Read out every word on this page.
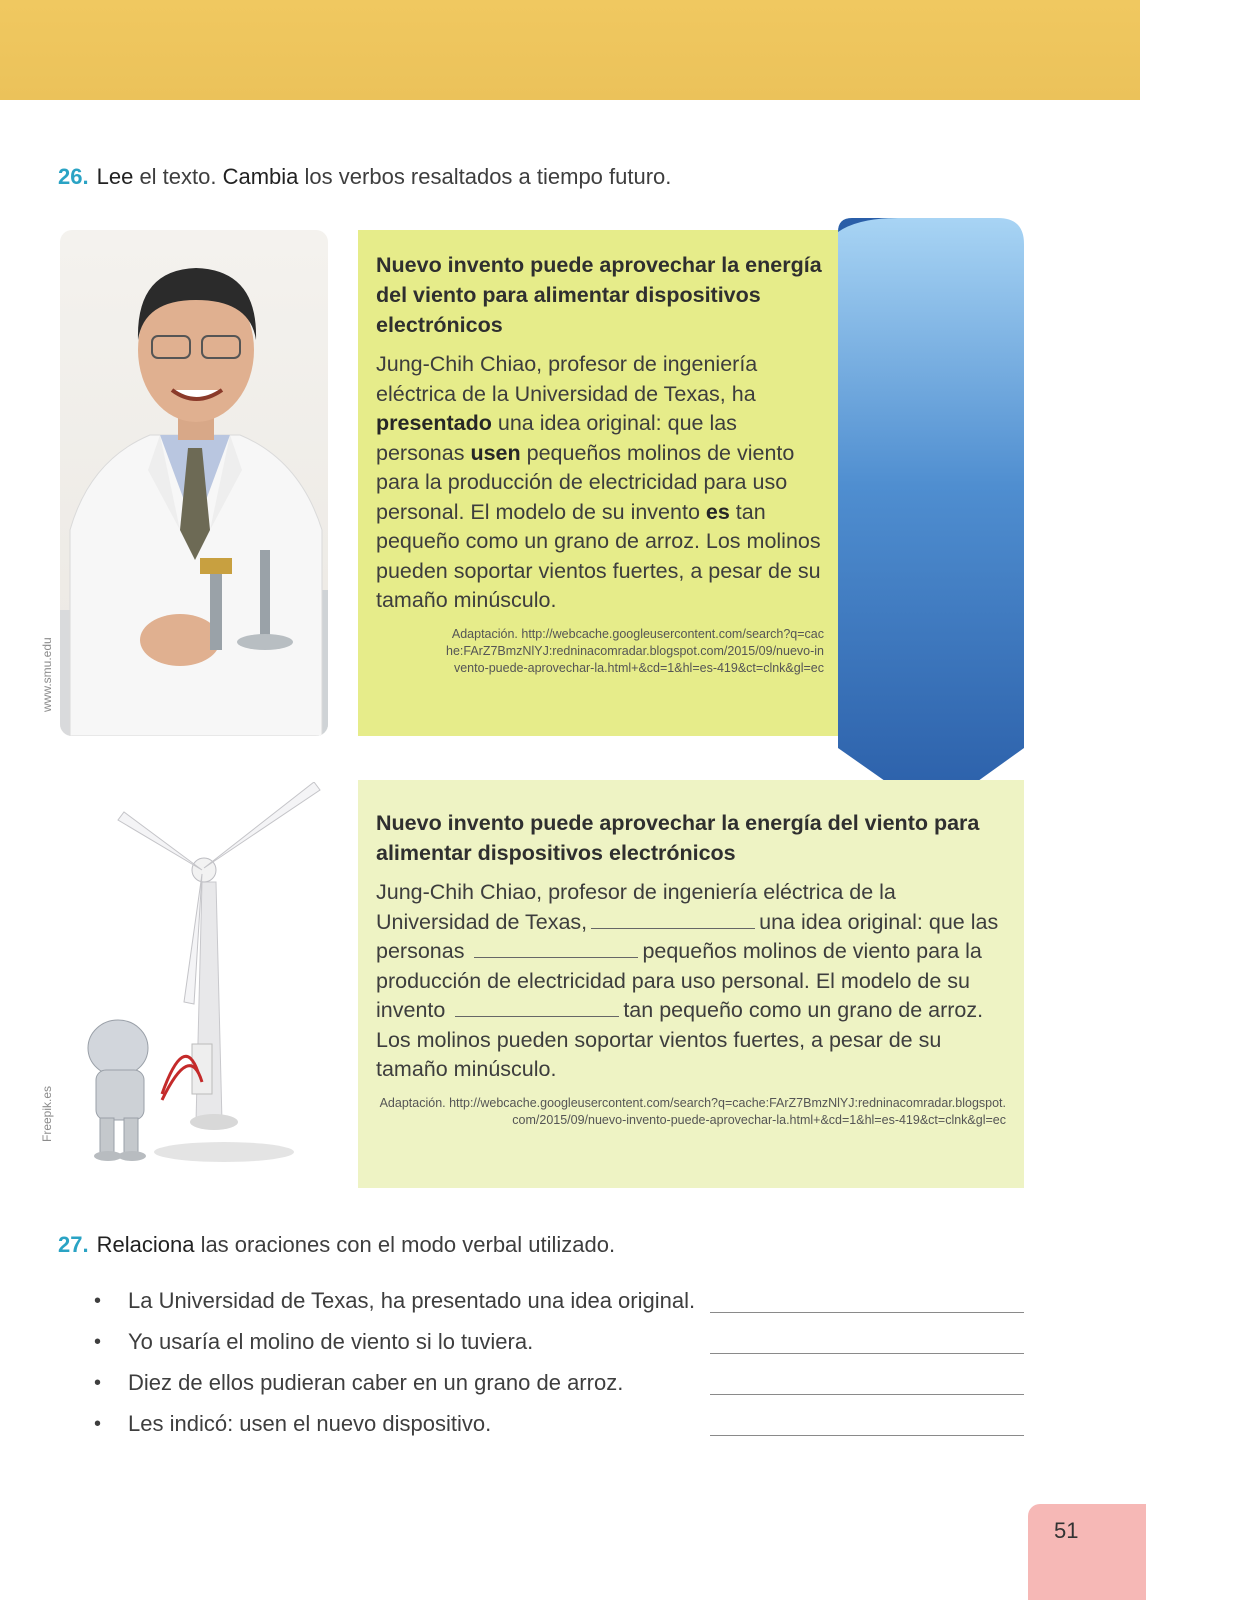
26. Lee el texto. Cambia los verbos resaltados a tiempo futuro.
www.smu.edu
Nuevo invento puede aprovechar la energía del viento para alimentar dispositivos electrónicos
Jung-Chih Chiao, profesor de ingeniería eléctrica de la Universidad de Texas, ha presentado una idea original: que las personas usen pequeños molinos de viento para la producción de electricidad para uso personal. El modelo de su invento es tan pequeño como un grano de arroz. Los molinos pueden soportar vientos fuertes, a pesar de su tamaño minúsculo.
Adaptación. http://webcache.googleusercontent.com/search?q=cache:FArZ7BmzNlYJ:redninacomradar.blogspot.com/2015/09/nuevo-invento-puede-aprovechar-la.html+&cd=1&hl=es-419&ct=clnk&gl=ec
Freepik.es
Nuevo invento puede aprovechar la energía del viento para alimentar dispositivos electrónicos
Jung-Chih Chiao, profesor de ingeniería eléctrica de la Universidad de Texas,	una idea original: que las personas	pequeños molinos de viento para la producción de electricidad para uso personal. El modelo de su invento	tan pequeño como un grano de arroz. Los molinos pueden soportar vientos fuertes, a pesar de su tamaño minúsculo.
Adaptación. http://webcache.googleusercontent.com/search?q=cache:FArZ7BmzNlYJ:redninacomradar.blogspot.com/2015/09/nuevo-invento-puede-aprovechar-la.html+&cd=1&hl=es-419&ct=clnk&gl=ec
27. Relaciona las oraciones con el modo verbal utilizado.
• La Universidad de Texas, ha presentado una idea original.
• Yo usaría el molino de viento si lo tuviera.
• Diez de ellos pudieran caber en un grano de arroz.
• Les indicó: usen el nuevo dispositivo.
51
